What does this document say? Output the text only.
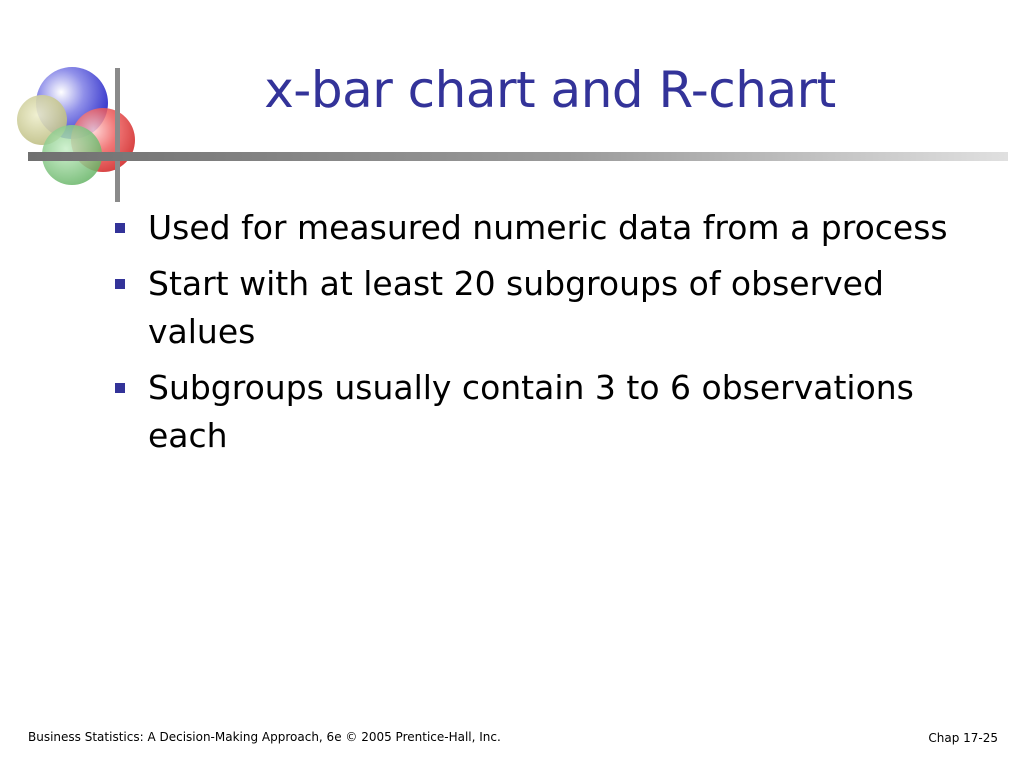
x-bar chart and R-chart
Used for measured numeric data from a process
Start with at least 20 subgroups of observed values
Subgroups usually contain 3 to 6 observations each
Business Statistics: A Decision-Making Approach, 6e © 2005 Prentice-Hall, Inc.	Chap 17-25
